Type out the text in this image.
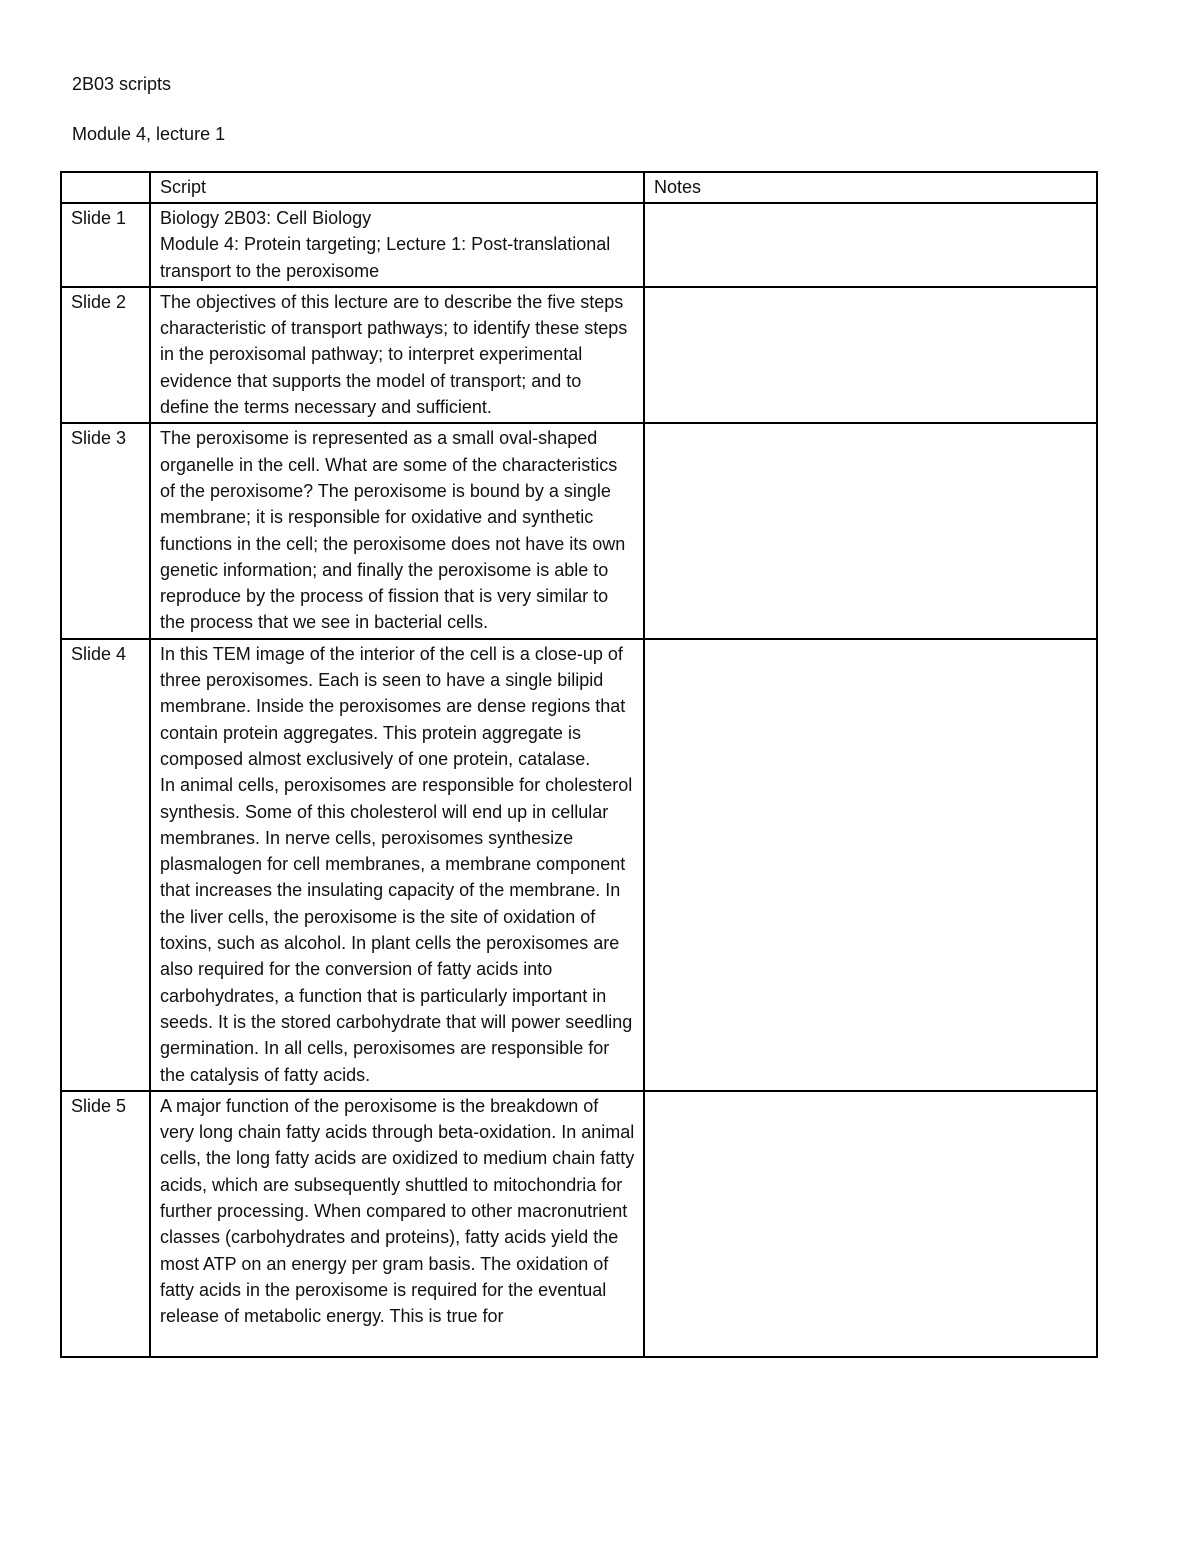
2B03 scripts
Module 4, lecture 1
	Script	Notes
Slide 1	Biology 2B03: Cell Biology
Module 4: Protein targeting; Lecture 1: Post-translational transport to the peroxisome	

Slide 2	The objectives of this lecture are to describe the five steps characteristic of transport pathways; to identify these steps in the peroxisomal pathway; to interpret experimental evidence that supports the model of transport; and to define the terms necessary and sufficient.	

Slide 3	The peroxisome is represented as a small oval-shaped organelle in the cell. What are some of the characteristics of the peroxisome? The peroxisome is bound by a single membrane; it is responsible for oxidative and synthetic functions in the cell; the peroxisome does not have its own genetic information; and finally the peroxisome is able to reproduce by the process of fission that is very similar to the process that we see in bacterial cells.	

Slide 4	In this TEM image of the interior of the cell is a close-up of three peroxisomes. Each is seen to have a single bilipid membrane. Inside the peroxisomes are dense regions that contain protein aggregates. This protein aggregate is composed almost exclusively of one protein, catalase.
In animal cells, peroxisomes are responsible for cholesterol synthesis. Some of this cholesterol will end up in cellular membranes. In nerve cells, peroxisomes synthesize plasmalogen for cell membranes, a membrane component that increases the insulating capacity of the membrane. In the liver cells, the peroxisome is the site of oxidation of toxins, such as alcohol. In plant cells the peroxisomes are also required for the conversion of fatty acids into carbohydrates, a function that is particularly important in seeds. It is the stored carbohydrate that will power seedling germination. In all cells, peroxisomes are responsible for the catalysis of fatty acids.	

Slide 5	A major function of the peroxisome is the breakdown of very long chain fatty acids through beta-oxidation. In animal cells, the long fatty acids are oxidized to medium chain fatty acids, which are subsequently shuttled to mitochondria for further processing. When compared to other macronutrient classes (carbohydrates and proteins), fatty acids yield the most ATP on an energy per gram basis. The oxidation of fatty acids in the peroxisome is required for the eventual release of metabolic energy. This is true for	
